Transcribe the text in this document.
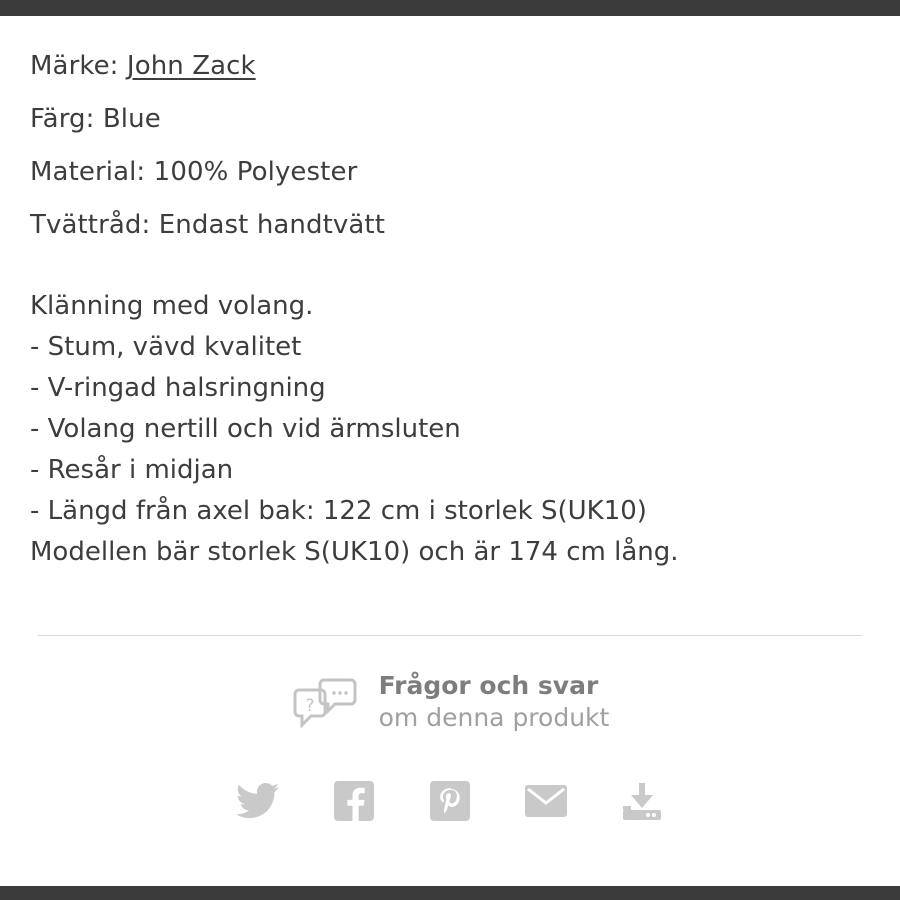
Märke: John Zack
Färg: Blue
Material: 100% Polyester
Tvättråd: Endast handtvätt
Klänning med volang.
- Stum, vävd kvalitet
- V-ringad halsringning
- Volang nertill och vid ärmsluten
- Resår i midjan
- Längd från axel bak: 122 cm i storlek S(UK10)
Modellen bär storlek S(UK10) och är 174 cm lång.
?
Frågor och svar
om denna produkt
